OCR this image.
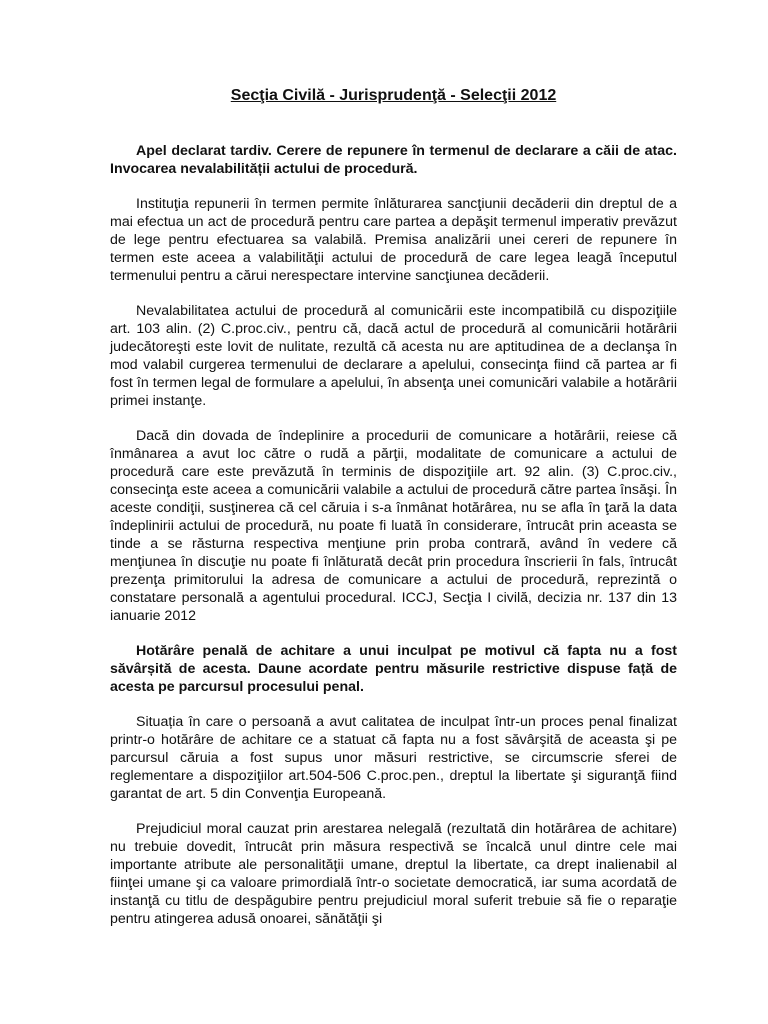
Secţia Civilă - Jurisprudenţă - Selecţii 2012
Apel declarat tardiv. Cerere de repunere în termenul de declarare a căii de atac. Invocarea nevalabilității actului de procedură.
Instituţia repunerii în termen permite înlăturarea sancţiunii decăderii din dreptul de a mai efectua un act de procedură pentru care partea a depăşit termenul imperativ prevăzut de lege pentru efectuarea sa valabilă. Premisa analizării unei cereri de repunere în termen este aceea a valabilităţii actului de procedură de care legea leagă începutul termenului pentru a cărui nerespectare intervine sancţiunea decăderii.
Nevalabilitatea actului de procedură al comunicării este incompatibilă cu dispoziţiile art. 103 alin. (2) C.proc.civ., pentru că, dacă actul de procedură al comunicării hotărârii judecătoreşti este lovit de nulitate, rezultă că acesta nu are aptitudinea de a declanşa în mod valabil curgerea termenului de declarare a apelului, consecinţa fiind că partea ar fi fost în termen legal de formulare a apelului, în absenţa unei comunicări valabile a hotărârii primei instanţe.
Dacă din dovada de îndeplinire a procedurii de comunicare a hotărârii, reiese că înmânarea a avut loc către o rudă a părţii, modalitate de comunicare a actului de procedură care este prevăzută în terminis de dispoziţiile art. 92 alin. (3) C.proc.civ., consecinţa este aceea a comunicării valabile a actului de procedură către partea însăşi. În aceste condiţii, susţinerea că cel căruia i s-a înmânat hotărârea, nu se afla în ţară la data îndeplinirii actului de procedură, nu poate fi luată în considerare, întrucât prin aceasta se tinde a se răsturna respectiva menţiune prin proba contrară, având în vedere că menţiunea în discuţie nu poate fi înlăturată decât prin procedura înscrierii în fals, întrucât prezenţa primitorului la adresa de comunicare a actului de procedură, reprezintă o constatare personală a agentului procedural. ICCJ, Secţia I civilă, decizia nr. 137 din 13 ianuarie 2012
Hotărâre penală de achitare a unui inculpat pe motivul că fapta nu a fost săvârșită de acesta. Daune acordate pentru măsurile restrictive dispuse față de acesta pe parcursul procesului penal.
Situația în care o persoană a avut calitatea de inculpat într-un proces penal finalizat printr-o hotărâre de achitare ce a statuat că fapta nu a fost săvârşită de aceasta şi pe parcursul căruia a fost supus unor măsuri restrictive, se circumscrie sferei de reglementare a dispoziţiilor art.504-506 C.proc.pen., dreptul la libertate şi siguranţă fiind garantat de art. 5 din Convenţia Europeană.
Prejudiciul moral cauzat prin arestarea nelegală (rezultată din hotărârea de achitare) nu trebuie dovedit, întrucât prin măsura respectivă se încalcă unul dintre cele mai importante atribute ale personalităţii umane, dreptul la libertate, ca drept inalienabil al fiinţei umane şi ca valoare primordială într-o societate democratică, iar suma acordată de instanţă cu titlu de despăgubire pentru prejudiciul moral suferit trebuie să fie o reparaţie pentru atingerea adusă onoarei, sănătăţii şi
